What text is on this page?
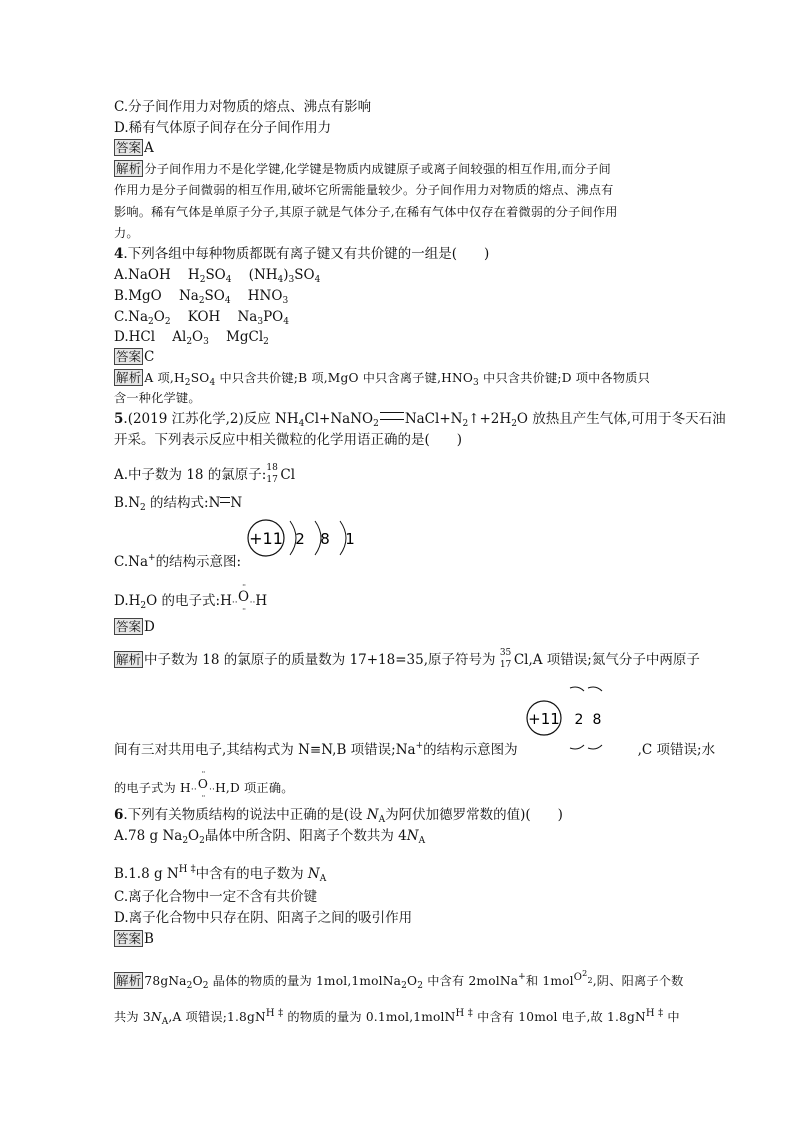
C.分子间作用力对物质的熔点、沸点有影响
D.稀有气体原子间存在分子间作用力
答案 A
解析 分子间作用力不是化学键,化学键是物质内成键原子或离子间较强的相互作用,而分子间
作用力是分子间微弱的相互作用,破坏它所需能量较少。分子间作用力对物质的熔点、沸点有
影响。稀有气体是单原子分子,其原子就是气体分子,在稀有气体中仅存在着微弱的分子间作用
力。
4.下列各组中每种物质都既有离子键又有共价键的一组是(　　)
A.NaOH $H_2SO_4$ $(NH_4)_3SO_4$
B.MgO $Na_2SO_4$ $HNO_3$
$C.Na_2O_2$ KOH $Na_3PO_4$
D.HCl $Al_2O_3$ MgCl$_2$
答案 C
解析 A 项$,H_2SO_4$ 中只含共价键;B 项,MgO 中只含离子键$,HNO_3$ 中只含共价键;D 项中各物质只
含一种化学键。
5.(2019 江苏化学,2)反应 $NH_4Cl+NaNO_2$ $NaCl+N_2↑+2H_2O$ 放热且产生气体,可用于冬天石油
开采。下列表示反应中相关微粒的化学用语正确的是(　　)
A.中子数为 18 的氯原子: 18
17 Cl
$B.N_2$ 的结构式:N N
+11 2 8 1
C.Na+的结构示意图:
$D.H_2O$ 的电子式:H··
··
O
··
··H
答案 D
解析 中子数为 18 的氯原子的质量数为 17+18=35,原子符号为 35
17 Cl,A 项错误;氮气分子中两原子
+11 2 8
间有三对共用电子,其结构式为 N≡N,B 项错误;Na+的结构示意图为	,C 项错误;水
的电子式为 H··
··
O
··
··H,D 项正确。
6.下列有关物质结构的说法中正确的是(设 $N_A$为阿伏加德罗常数的值)(　　)
A.78 g $Na_2O_2$晶体中所含阴、阳离子个数共为 $4N_A$
B.1.8 g $N^{H \ddagger}$中含有的电子数为 $N_A$
C.离子化合物中一定不含有共价键
D.离子化合物中只存在阴、阳离子之间的吸引作用
答案 B
解析 $78gNa_2O_2$ 晶体的物质的量为 $1mol,1molNa_2O_2$ 中含有 2molNa+和 1mol$^{O2}$2,阴、阳离子个数
共为 $3N_A,A$ 项错误$;1.8gN^{H \ddagger}$ 的物质的量为 0.1mol,1molN$^{H \ddagger}$ 中含有 10mol 电子,故 $1.8gN^{H \ddagger}$ 中
